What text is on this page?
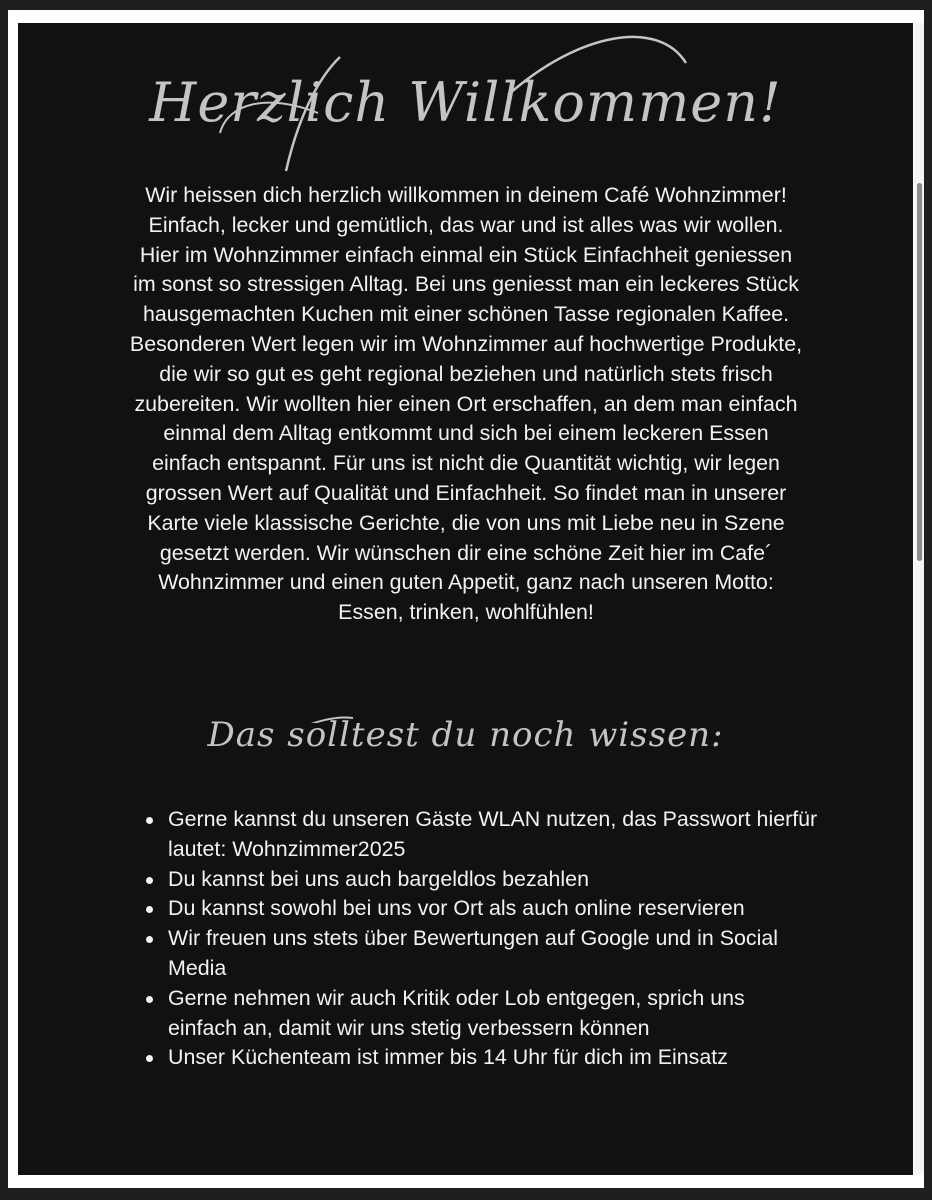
Herzlich Willkommen!

Wir heissen dich herzlich willkommen in deinem Café Wohnzimmer! Einfach, lecker und gemütlich, das war und ist alles was wir wollen. Hier im Wohnzimmer einfach einmal ein Stück Einfachheit geniessen im sonst so stressigen Alltag. Bei uns geniesst man ein leckeres Stück hausgemachten Kuchen mit einer schönen Tasse regionalen Kaffee. Besonderen Wert legen wir im Wohnzimmer auf hochwertige Produkte, die wir so gut es geht regional beziehen und natürlich stets frisch zubereiten. Wir wollten hier einen Ort erschaffen, an dem man einfach einmal dem Alltag entkommt und sich bei einem leckeren Essen einfach entspannt. Für uns ist nicht die Quantität wichtig, wir legen grossen Wert auf Qualität und Einfachheit. So findet man in unserer Karte viele klassische Gerichte, die von uns mit Liebe neu in Szene gesetzt werden. Wir wünschen dir eine schöne Zeit hier im Cafe´ Wohnzimmer und einen guten Appetit, ganz nach unseren Motto: Essen, trinken, wohlfühlen!

Das solltest du noch wissen:
Gerne kannst du unseren Gäste WLAN nutzen, das Passwort hierfür lautet: Wohnzimmer2025
Du kannst bei uns auch bargeldlos bezahlen
Du kannst sowohl bei uns vor Ort als auch online reservieren
Wir freuen uns stets über Bewertungen auf Google und in Social Media
Gerne nehmen wir auch Kritik oder Lob entgegen, sprich uns einfach an, damit wir uns stetig verbessern können
Unser Küchenteam ist immer bis 14 Uhr für dich im Einsatz
